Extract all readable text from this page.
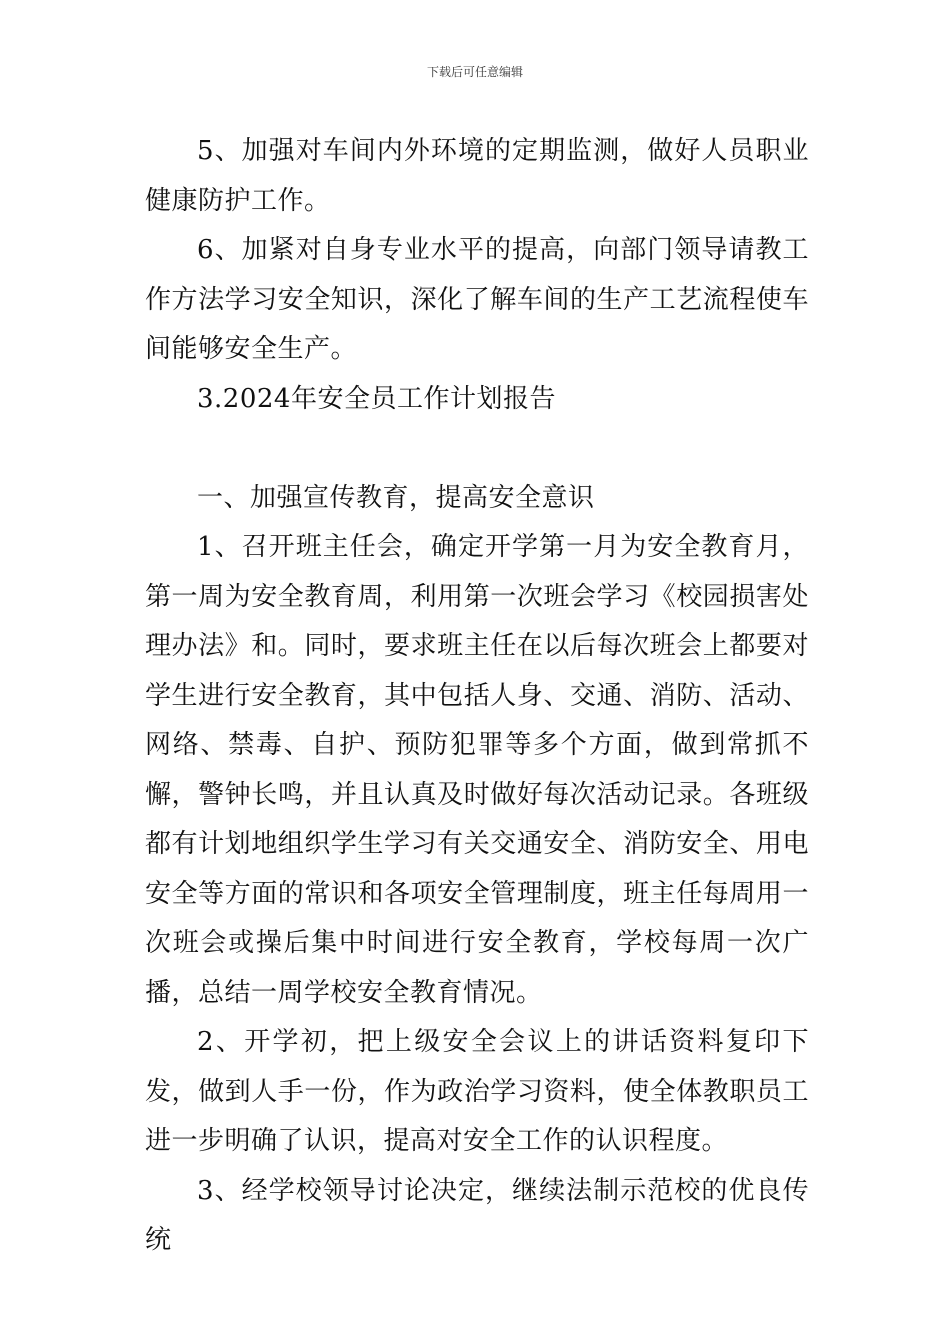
下载后可任意编辑

5、加强对车间内外环境的定期监测，做好人员职业健康防护工作。

6、加紧对自身专业水平的提高，向部门领导请教工作方法学习安全知识，深化了解车间的生产工艺流程使车间能够安全生产。

3.2024年安全员工作计划报告

一、加强宣传教育，提高安全意识

1、召开班主任会，确定开学第一月为安全教育月，第一周为安全教育周，利用第一次班会学习《校园损害处理办法》和。同时，要求班主任在以后每次班会上都要对学生进行安全教育，其中包括人身、交通、消防、活动、网络、禁毒、自护、预防犯罪等多个方面，做到常抓不懈，警钟长鸣，并且认真及时做好每次活动记录。各班级都有计划地组织学生学习有关交通安全、消防安全、用电安全等方面的常识和各项安全管理制度，班主任每周用一次班会或操后集中时间进行安全教育，学校每周一次广播，总结一周学校安全教育情况。

2、开学初，把上级安全会议上的讲话资料复印下发，做到人手一份，作为政治学习资料，使全体教职员工进一步明确了认识，提高对安全工作的认识程度。

3、经学校领导讨论决定，继续法制示范校的优良传统
